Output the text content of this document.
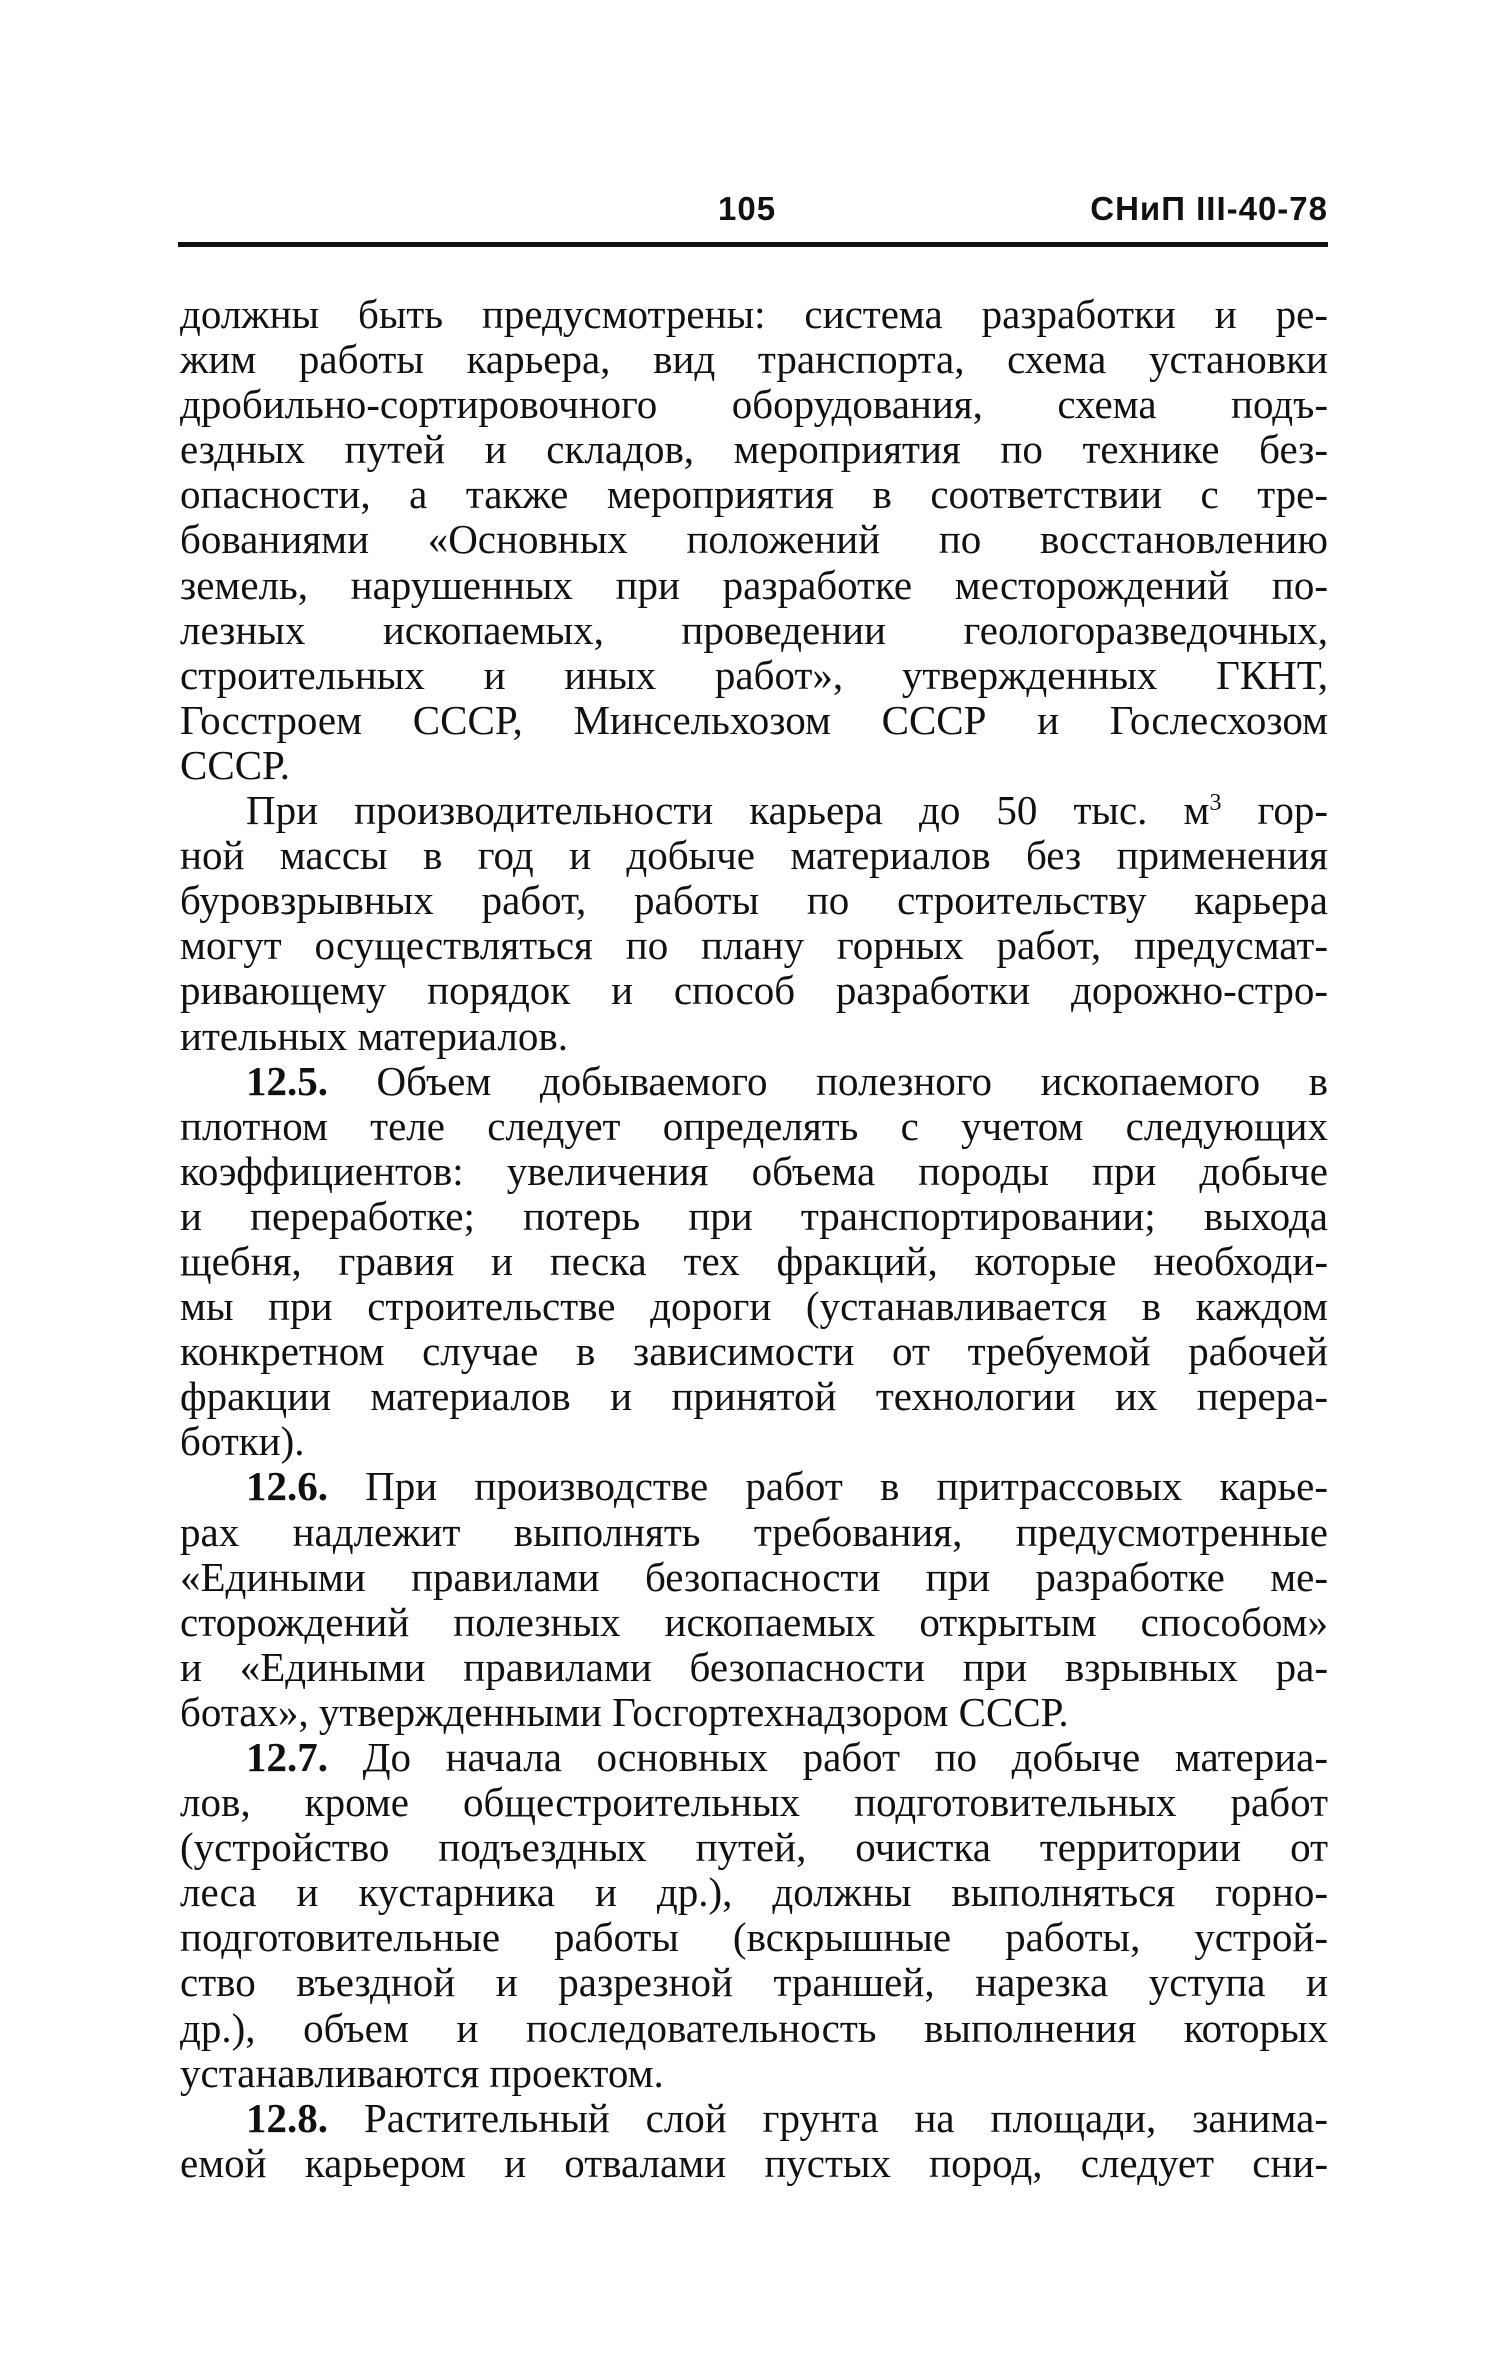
105	СНиП III-40-78
должны быть предусмотрены: система разработки и ре-
жим работы карьера, вид транспорта, схема установки
дробильно-сортировочного оборудования, схема подъ-
ездных путей и складов, мероприятия по технике без-
опасности, а также мероприятия в соответствии с тре-
бованиями «Основных положений по восстановлению
земель, нарушенных при разработке месторождений по-
лезных ископаемых, проведении геологоразведочных,
строительных и иных работ», утвержденных ГКНТ,
Госстроем СССР, Минсельхозом СССР и Гослесхозом
СССР.
При производительности карьера до 50 тыс. $м^3$ гор-
ной массы в год и добыче материалов без применения
буровзрывных работ, работы по строительству карьера
могут осуществляться по плану горных работ, предусмат-
ривающему порядок и способ разработки дорожно-стро-
ительных материалов.
12.5. Объем добываемого полезного ископаемого в
плотном теле следует определять с учетом следующих
коэффициентов: увеличения объема породы при добыче
и переработке; потерь при транспортировании; выхода
щебня, гравия и песка тех фракций, которые необходи-
мы при строительстве дороги (устанавливается в каждом
конкретном случае в зависимости от требуемой рабочей
фракции материалов и принятой технологии их перера-
ботки).
12.6. При производстве работ в притрассовых карье-
рах надлежит выполнять требования, предусмотренные
«Едиными правилами безопасности при разработке ме-
сторождений полезных ископаемых открытым способом»
и «Едиными правилами безопасности при взрывных ра-
ботах», утвержденными Госгортехнадзором СССР.
12.7. До начала основных работ по добыче материа-
лов, кроме общестроительных подготовительных работ
(устройство подъездных путей, очистка территории от
леса и кустарника и др.), должны выполняться горно-
подготовительные работы (вскрышные работы, устрой-
ство въездной и разрезной траншей, нарезка уступа и
др.), объем и последовательность выполнения которых
устанавливаются проектом.
12.8. Растительный слой грунта на площади, занима-
емой карьером и отвалами пустых пород, следует сни-
